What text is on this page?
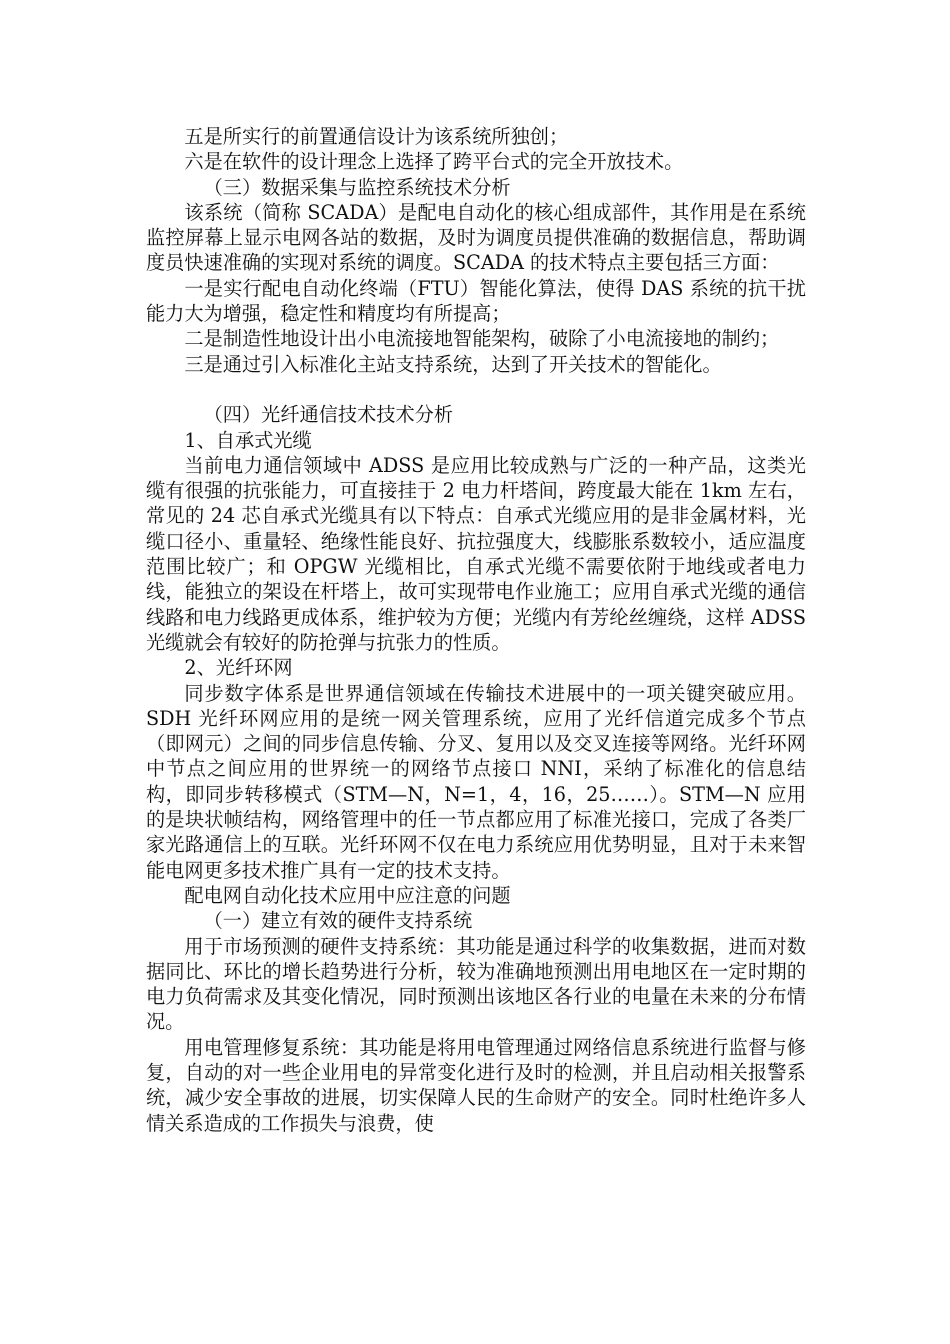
五是所实行的前置通信设计为该系统所独创；

六是在软件的设计理念上选择了跨平台式的完全开放技术。

（三）数据采集与监控系统技术分析

该系统（简称 SCADA）是配电自动化的核心组成部件，其作用是在系统监控屏幕上显示电网各站的数据，及时为调度员提供准确的数据信息，帮助调度员快速准确的实现对系统的调度。SCADA 的技术特点主要包括三方面：

一是实行配电自动化终端（FTU）智能化算法，使得 DAS 系统的抗干扰能力大为增强，稳定性和精度均有所提高；

二是制造性地设计出小电流接地智能架构，破除了小电流接地的制约；

三是通过引入标准化主站支持系统，达到了开关技术的智能化。

（四）光纤通信技术技术分析

1、自承式光缆

当前电力通信领域中 ADSS 是应用比较成熟与广泛的一种产品，这类光缆有很强的抗张能力，可直接挂于 2 电力杆塔间，跨度最大能在 1km 左右，常见的 24 芯自承式光缆具有以下特点：自承式光缆应用的是非金属材料，光缆口径小、重量轻、绝缘性能良好、抗拉强度大，线膨胀系数较小，适应温度范围比较广；和 OPGW 光缆相比，自承式光缆不需要依附于地线或者电力线，能独立的架设在杆塔上，故可实现带电作业施工；应用自承式光缆的通信线路和电力线路更成体系，维护较为方便；光缆内有芳纶丝缠绕，这样 ADSS 光缆就会有较好的防抢弹与抗张力的性质。

2、光纤环网

同步数字体系是世界通信领域在传输技术进展中的一项关键突破应用。SDH 光纤环网应用的是统一网关管理系统，应用了光纤信道完成多个节点（即网元）之间的同步信息传输、分叉、复用以及交叉连接等网络。光纤环网中节点之间应用的世界统一的网络节点接口 NNI，采纳了标准化的信息结构，即同步转移模式（STM—N，N=1，4，16，25……）。STM—N 应用的是块状帧结构，网络管理中的任一节点都应用了标准光接口，完成了各类厂家光路通信上的互联。光纤环网不仅在电力系统应用优势明显，且对于未来智能电网更多技术推广具有一定的技术支持。

配电网自动化技术应用中应注意的问题

（一）建立有效的硬件支持系统

用于市场预测的硬件支持系统：其功能是通过科学的收集数据，进而对数据同比、环比的增长趋势进行分析，较为准确地预测出用电地区在一定时期的电力负荷需求及其变化情况，同时预测出该地区各行业的电量在未来的分布情况。

用电管理修复系统：其功能是将用电管理通过网络信息系统进行监督与修复，自动的对一些企业用电的异常变化进行及时的检测，并且启动相关报警系统，减少安全事故的进展，切实保障人民的生命财产的安全。同时杜绝许多人情关系造成的工作损失与浪费，使
